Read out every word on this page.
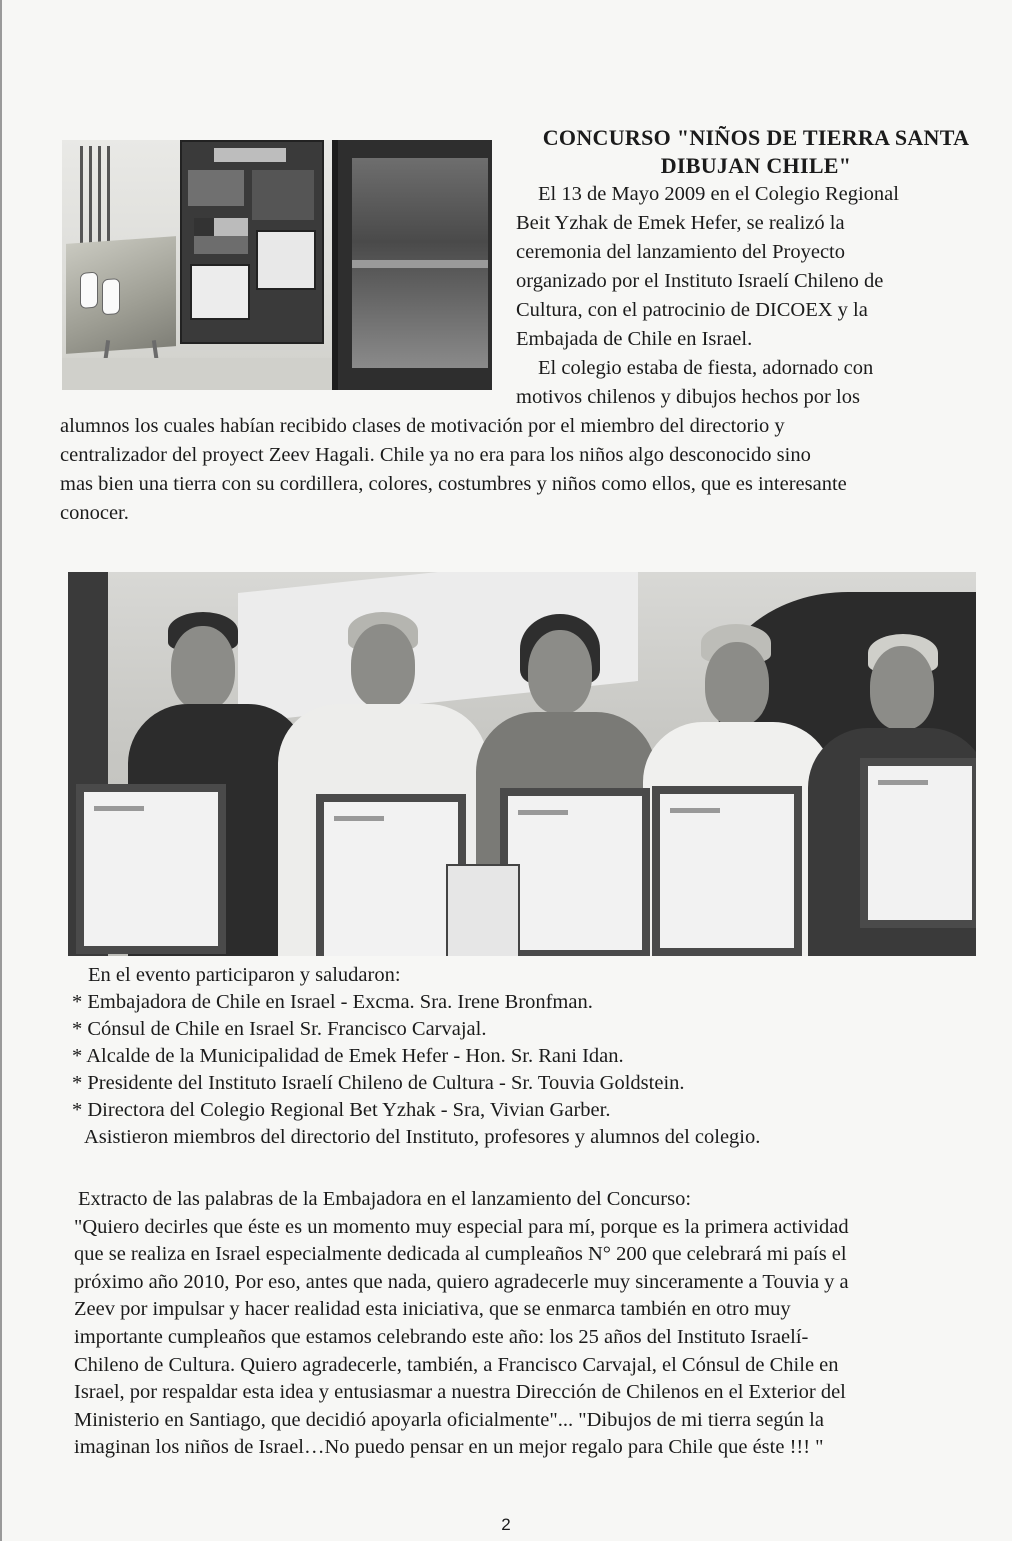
CONCURSO "NIÑOS DE TIERRA SANTA
DIBUJAN CHILE"

El 13 de Mayo 2009 en el Colegio Regional

Beit Yzhak de Emek Hefer, se realizó la

ceremonia del lanzamiento del Proyecto

organizado por el Instituto Israelí Chileno de

Cultura, con el patrocinio de DICOEX y la

Embajada de Chile en Israel.

El colegio estaba de fiesta, adornado con

motivos chilenos y dibujos hechos por los

alumnos los cuales habían recibido clases de motivación por el miembro del directorio y
centralizador del proyect Zeev Hagali. Chile ya no era para los niños algo desconocido sino
mas bien una tierra con su cordillera, colores, costumbres y niños como ellos, que es interesante
conocer.
En el evento participaron y saludaron:
* Embajadora de Chile en Israel - Excma. Sra. Irene Bronfman.
* Cónsul de Chile en Israel Sr. Francisco Carvajal.
* Alcalde de la Municipalidad de Emek Hefer - Hon. Sr. Rani Idan.
* Presidente del Instituto Israelí Chileno de Cultura - Sr. Touvia Goldstein.
* Directora del Colegio Regional Bet Yzhak - Sra, Vivian Garber.
Asistieron miembros del directorio del Instituto, profesores y alumnos del colegio.
Extracto de las palabras de la Embajadora en el lanzamiento del Concurso:
"Quiero decirles que éste es un momento muy especial para mí, porque es la primera actividad
que se realiza en Israel especialmente dedicada al cumpleaños N° 200 que celebrará mi país el
próximo año 2010, Por eso, antes que nada, quiero agradecerle muy sinceramente a Touvia y a
Zeev por impulsar y hacer realidad esta iniciativa, que se enmarca también en otro muy
importante cumpleaños que estamos celebrando este año: los 25 años del Instituto Israelí-
Chileno de Cultura. Quiero agradecerle, también, a Francisco Carvajal, el Cónsul de Chile en
Israel, por respaldar esta idea y entusiasmar a nuestra Dirección de Chilenos en el Exterior del
Ministerio en Santiago, que decidió apoyarla oficialmente"... "Dibujos de mi tierra según la
imaginan los niños de Israel…No puedo pensar en un mejor regalo para Chile que éste !!! "
2
